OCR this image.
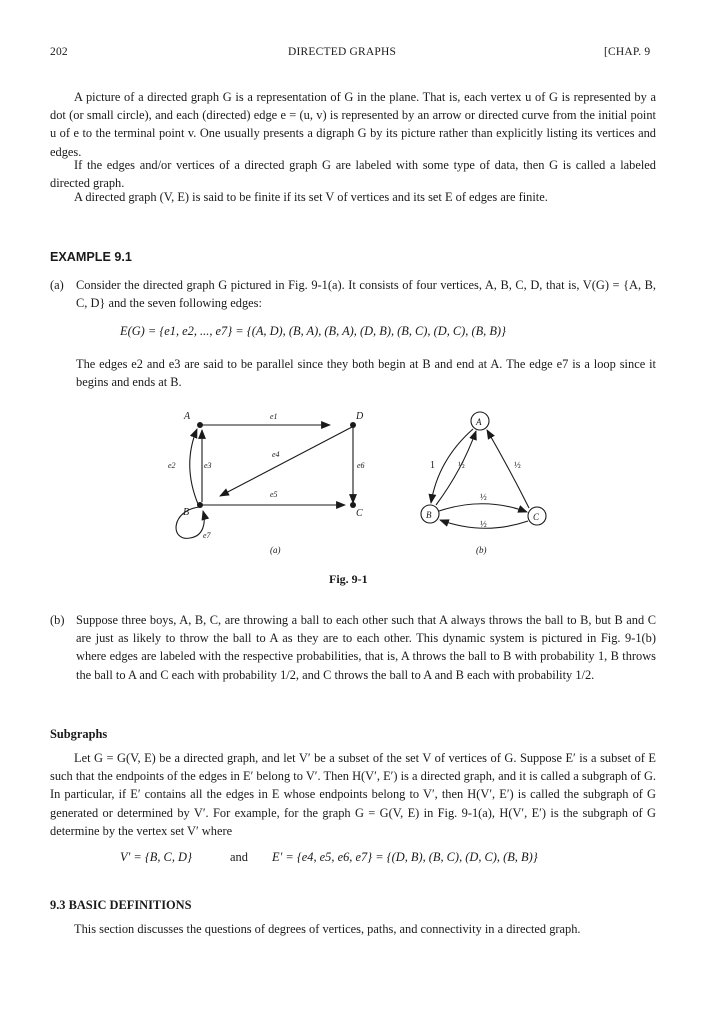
202	DIRECTED GRAPHS	[CHAP. 9

A picture of a directed graph G is a representation of G in the plane. That is, each vertex u of G is represented by a dot (or small circle), and each (directed) edge e = (u, v) is represented by an arrow or directed curve from the initial point u of e to the terminal point v. One usually presents a digraph G by its picture rather than explicitly listing its vertices and edges.

If the edges and/or vertices of a directed graph G are labeled with some type of data, then G is called a labeled directed graph.

A directed graph (V, E) is said to be finite if its set V of vertices and its set E of edges are finite.

EXAMPLE 9.1
(a) Consider the directed graph G pictured in Fig. 9-1(a). It consists of four vertices, A, B, C, D, that is, V(G) = {A, B, C, D} and the seven following edges:
E(G) = {e1, e2, ..., e7} = {(A, D), (B, A), (B, A), (D, B), (B, C), (D, C), (B, B)}
The edges e2 and e3 are said to be parallel since they both begin at B and end at A. The edge e7 is a loop since it begins and ends at B.
A
B	C
D
e1
e2	e3
e4
e5
e6
e7
(a)
A
B	C
1	½	½
½
½
(b)
Fig. 9-1
(b) Suppose three boys, A, B, C, are throwing a ball to each other such that A always throws the ball to B, but B and C are just as likely to throw the ball to A as they are to each other. This dynamic system is pictured in Fig. 9-1(b) where edges are labeled with the respective probabilities, that is, A throws the ball to B with probability 1, B throws the ball to A and C each with probability 1/2, and C throws the ball to A and B each with probability 1/2.
Subgraphs

Let G = G(V, E) be a directed graph, and let V′ be a subset of the set V of vertices of G. Suppose E′ is a subset of E such that the endpoints of the edges in E′ belong to V′. Then H(V′, E′) is a directed graph, and it is called a subgraph of G. In particular, if E′ contains all the edges in E whose endpoints belong to V′, then H(V′, E′) is called the subgraph of G generated or determined by V′. For example, for the graph G = G(V, E) in Fig. 9-1(a), H(V′, E′) is the subgraph of G determine by the vertex set V′ where

V′ = {B, C, D}	and E′ = {e4, e5, e6, e7} = {(D, B), (B, C), (D, C), (B, B)}
9.3 BASIC DEFINITIONS

This section discusses the questions of degrees of vertices, paths, and connectivity in a directed graph.
